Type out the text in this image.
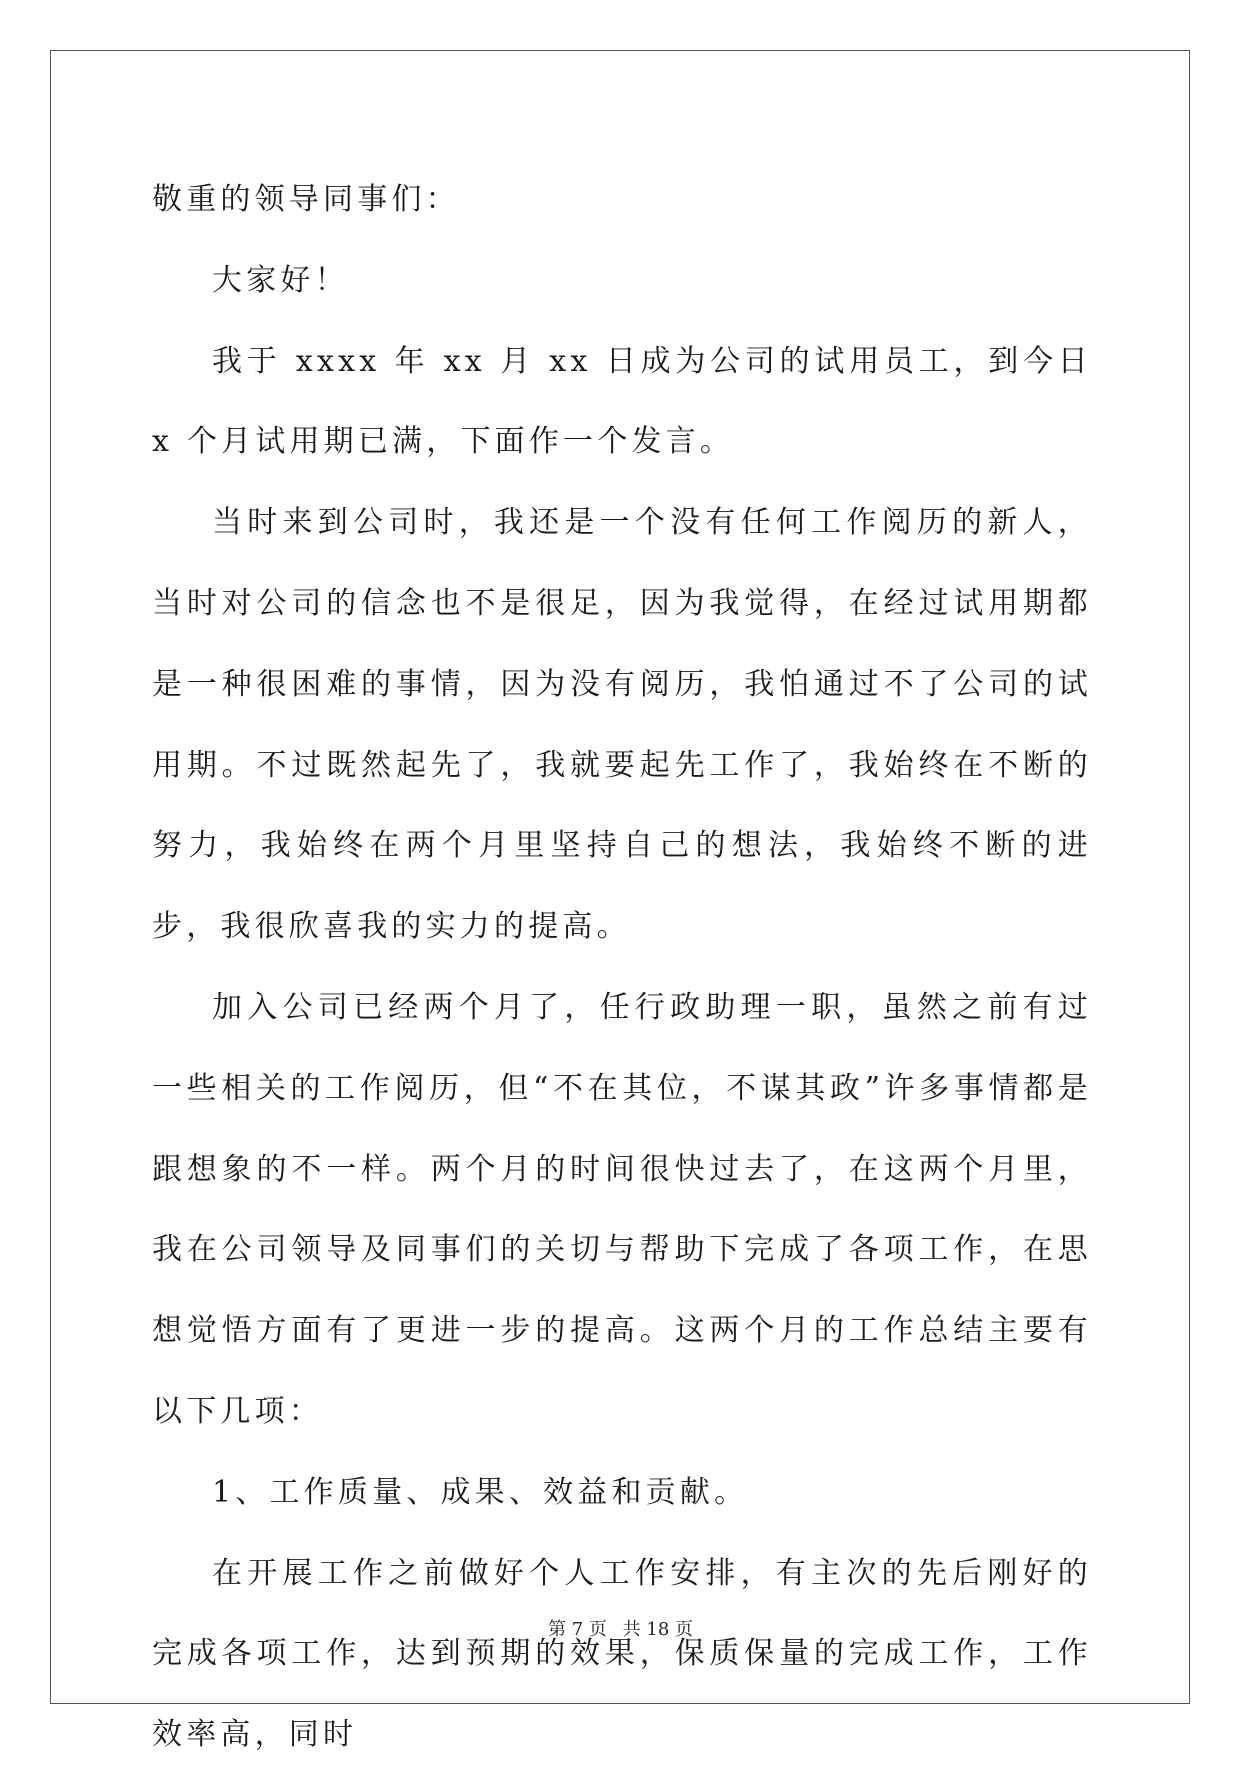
敬重的领导同事们：

大家好！

我于 xxxx 年 xx 月 xx 日成为公司的试用员工，到今日 x 个月试用期已满，下面作一个发言。

当时来到公司时，我还是一个没有任何工作阅历的新人，当时对公司的信念也不是很足，因为我觉得，在经过试用期都是一种很困难的事情，因为没有阅历，我怕通过不了公司的试用期。不过既然起先了，我就要起先工作了，我始终在不断的努力，我始终在两个月里坚持自己的想法，我始终不断的进步，我很欣喜我的实力的提高。

加入公司已经两个月了，任行政助理一职，虽然之前有过一些相关的工作阅历，但“不在其位，不谋其政”许多事情都是跟想象的不一样。两个月的时间很快过去了，在这两个月里，我在公司领导及同事们的关切与帮助下完成了各项工作，在思想觉悟方面有了更进一步的提高。这两个月的工作总结主要有以下几项：

1、工作质量、成果、效益和贡献。

在开展工作之前做好个人工作安排，有主次的先后刚好的完成各项工作，达到预期的效果，保质保量的完成工作，工作效率高，同时

第 7 页 共 18 页
